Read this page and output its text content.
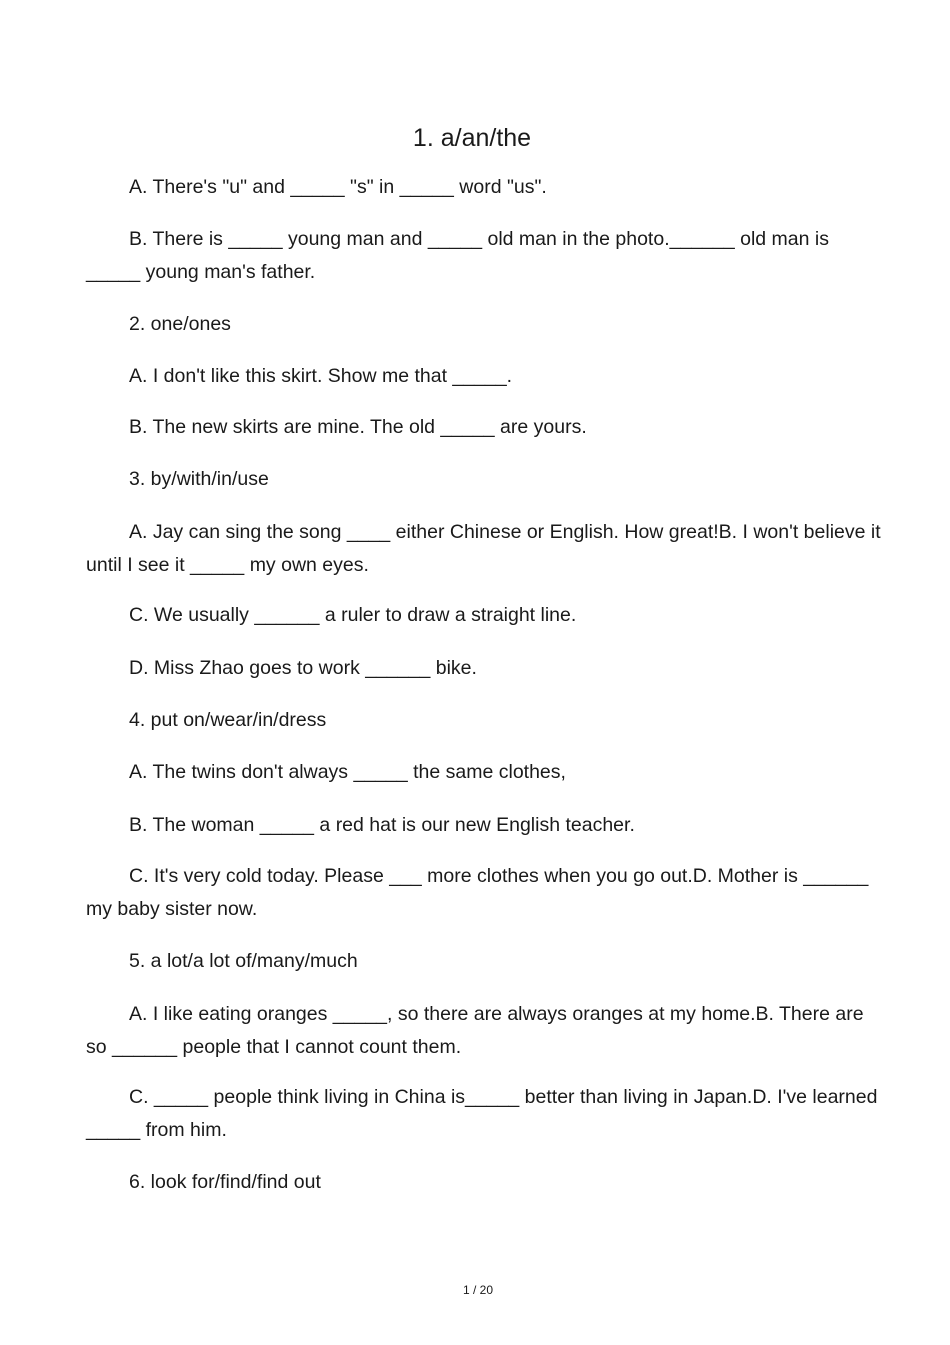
1. a/an/the

A. There's "u" and _____ "s" in _____ word "us".

B. There is _____ young man and _____ old man in the photo.______ old man is _____ young man's father.

2. one/ones

A. I don't like this skirt. Show me that _____.

B. The new skirts are mine. The old _____ are yours.

3. by/with/in/use

A. Jay can sing the song ____ either Chinese or English. How great!B. I won't believe it until I see it _____ my own eyes.

C. We usually ______ a ruler to draw a straight line.

D. Miss Zhao goes to work ______ bike.

4. put on/wear/in/dress

A. The twins don't always _____ the same clothes,

B. The woman _____ a red hat is our new English teacher.

C. It's very cold today. Please ___ more clothes when you go out.D. Mother is ______ my baby sister now.

5. a lot/a lot of/many/much

A. I like eating oranges _____, so there are always oranges at my home.B. There are so ______ people that I cannot count them.

C. _____ people think living in China is_____ better than living in Japan.D. I've learned _____ from him.

6. look for/find/find out

1 / 20
